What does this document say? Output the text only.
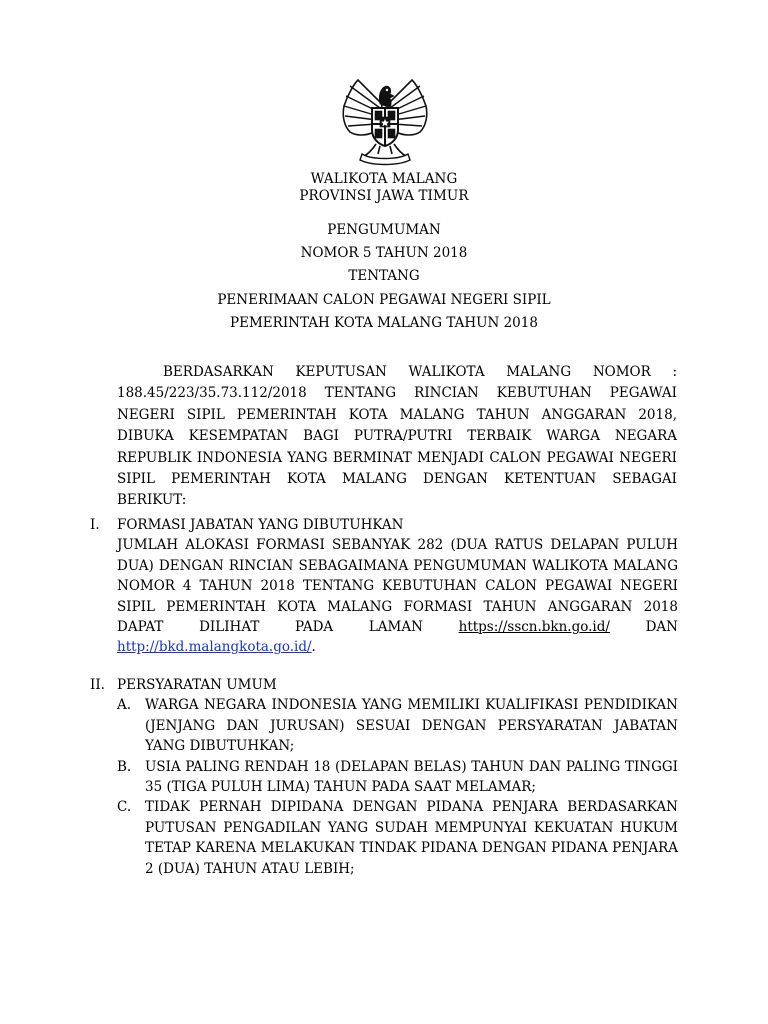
WALIKOTA MALANG
PROVINSI JAWA TIMUR
PENGUMUMAN
NOMOR 5 TAHUN 2018
TENTANG
PENERIMAAN CALON PEGAWAI NEGERI SIPIL
PEMERINTAH KOTA MALANG TAHUN 2018

BERDASARKAN KEPUTUSAN WALIKOTA MALANG NOMOR : 188.45/223/35.73.112/2018 TENTANG RINCIAN KEBUTUHAN PEGAWAI NEGERI SIPIL PEMERINTAH KOTA MALANG TAHUN ANGGARAN 2018, DIBUKA KESEMPATAN BAGI PUTRA/PUTRI TERBAIK WARGA NEGARA REPUBLIK INDONESIA YANG BERMINAT MENJADI CALON PEGAWAI NEGERI SIPIL PEMERINTAH KOTA MALANG DENGAN KETENTUAN SEBAGAI BERIKUT:

I.	FORMASI JABATAN YANG DIBUTUHKAN

JUMLAH ALOKASI FORMASI SEBANYAK 282 (DUA RATUS DELAPAN PULUH DUA) DENGAN RINCIAN SEBAGAIMANA PENGUMUMAN WALIKOTA MALANG NOMOR 4 TAHUN 2018 TENTANG KEBUTUHAN CALON PEGAWAI NEGERI SIPIL PEMERINTAH KOTA MALANG FORMASI TAHUN ANGGARAN 2018 DAPAT DILIHAT PADA LAMAN	https://sscn.bkn.go.id/	DAN http://bkd.malangkota.go.id/.

II. PERSYARATAN UMUM
A. WARGA NEGARA INDONESIA YANG MEMILIKI KUALIFIKASI PENDIDIKAN (JENJANG DAN JURUSAN) SESUAI DENGAN PERSYARATAN JABATAN YANG DIBUTUHKAN;
B. USIA PALING RENDAH 18 (DELAPAN BELAS) TAHUN DAN PALING TINGGI 35 (TIGA PULUH LIMA) TAHUN PADA SAAT MELAMAR;
C. TIDAK PERNAH DIPIDANA DENGAN PIDANA PENJARA BERDASARKAN PUTUSAN PENGADILAN YANG SUDAH MEMPUNYAI KEKUATAN HUKUM TETAP KARENA MELAKUKAN TINDAK PIDANA DENGAN PIDANA PENJARA 2 (DUA) TAHUN ATAU LEBIH;
